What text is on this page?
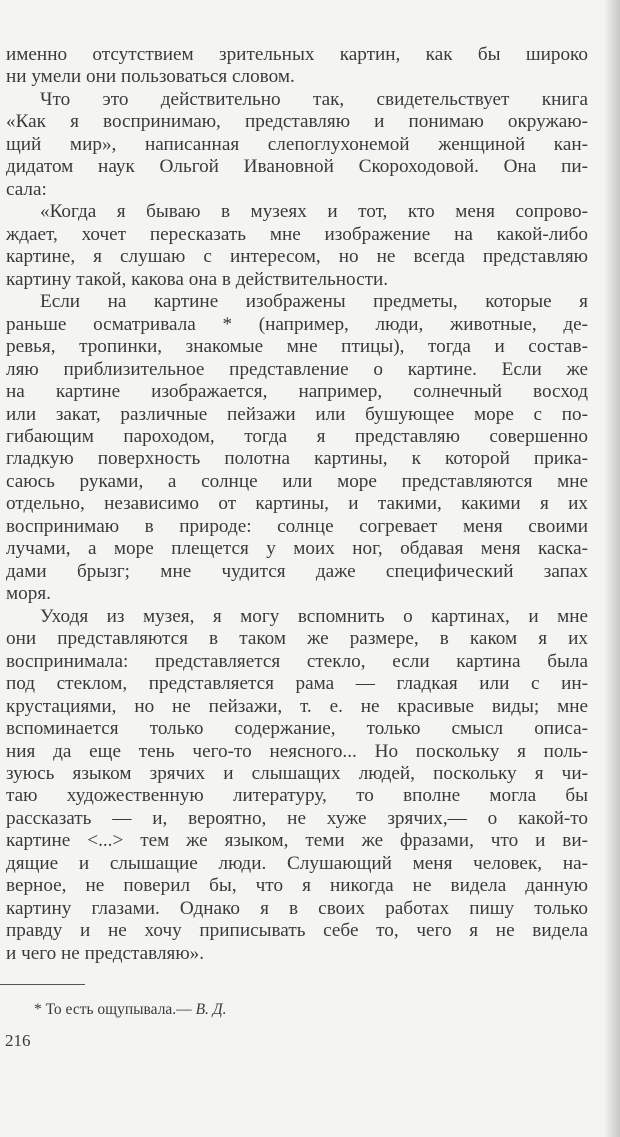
именно отсутствием зрительных картин, как бы широко
ни умели они пользоваться словом.
Что это действительно так, свидетельствует книга
«Как я воспринимаю, представляю и понимаю окружаю-
щий мир», написанная слепоглухонемой женщиной кан-
дидатом наук Ольгой Ивановной Скороходовой. Она пи-
сала:
«Когда я бываю в музеях и тот, кто меня сопрово-
ждает, хочет пересказать мне изображение на какой-либо
картине, я слушаю с интересом, но не всегда представляю
картину такой, какова она в действительности.
Если на картине изображены предметы, которые я
раньше осматривала * (например, люди, животные, де-
ревья, тропинки, знакомые мне птицы), тогда и состав-
ляю приблизительное представление о картине. Если же
на картине изображается, например, солнечный восход
или закат, различные пейзажи или бушующее море с по-
гибающим пароходом, тогда я представляю совершенно
гладкую поверхность полотна картины, к которой прика-
саюсь руками, а солнце или море представляются мне
отдельно, независимо от картины, и такими, какими я их
воспринимаю в природе: солнце согревает меня своими
лучами, а море плещется у моих ног, обдавая меня каска-
дами брызг; мне чудится даже специфический запах
моря.
Уходя из музея, я могу вспомнить о картинах, и мне
они представляются в таком же размере, в каком я их
воспринимала: представляется стекло, если картина была
под стеклом, представляется рама — гладкая или с ин-
крустациями, но не пейзажи, т. е. не красивые виды; мне
вспоминается только содержание, только смысл описа-
ния да еще тень чего-то неясного... Но поскольку я поль-
зуюсь языком зрячих и слышащих людей, поскольку я чи-
таю художественную литературу, то вполне могла бы
рассказать — и, вероятно, не хуже зрячих,— о какой-то
картине <...> тем же языком, теми же фразами, что и ви-
дящие и слышащие люди. Слушающий меня человек, на-
верное, не поверил бы, что я никогда не видела данную
картину глазами. Однако я в своих работах пишу только
правду и не хочу приписывать себе то, чего я не видела
и чего не представляю».
* То есть ощупывала.— В. Д.
216
